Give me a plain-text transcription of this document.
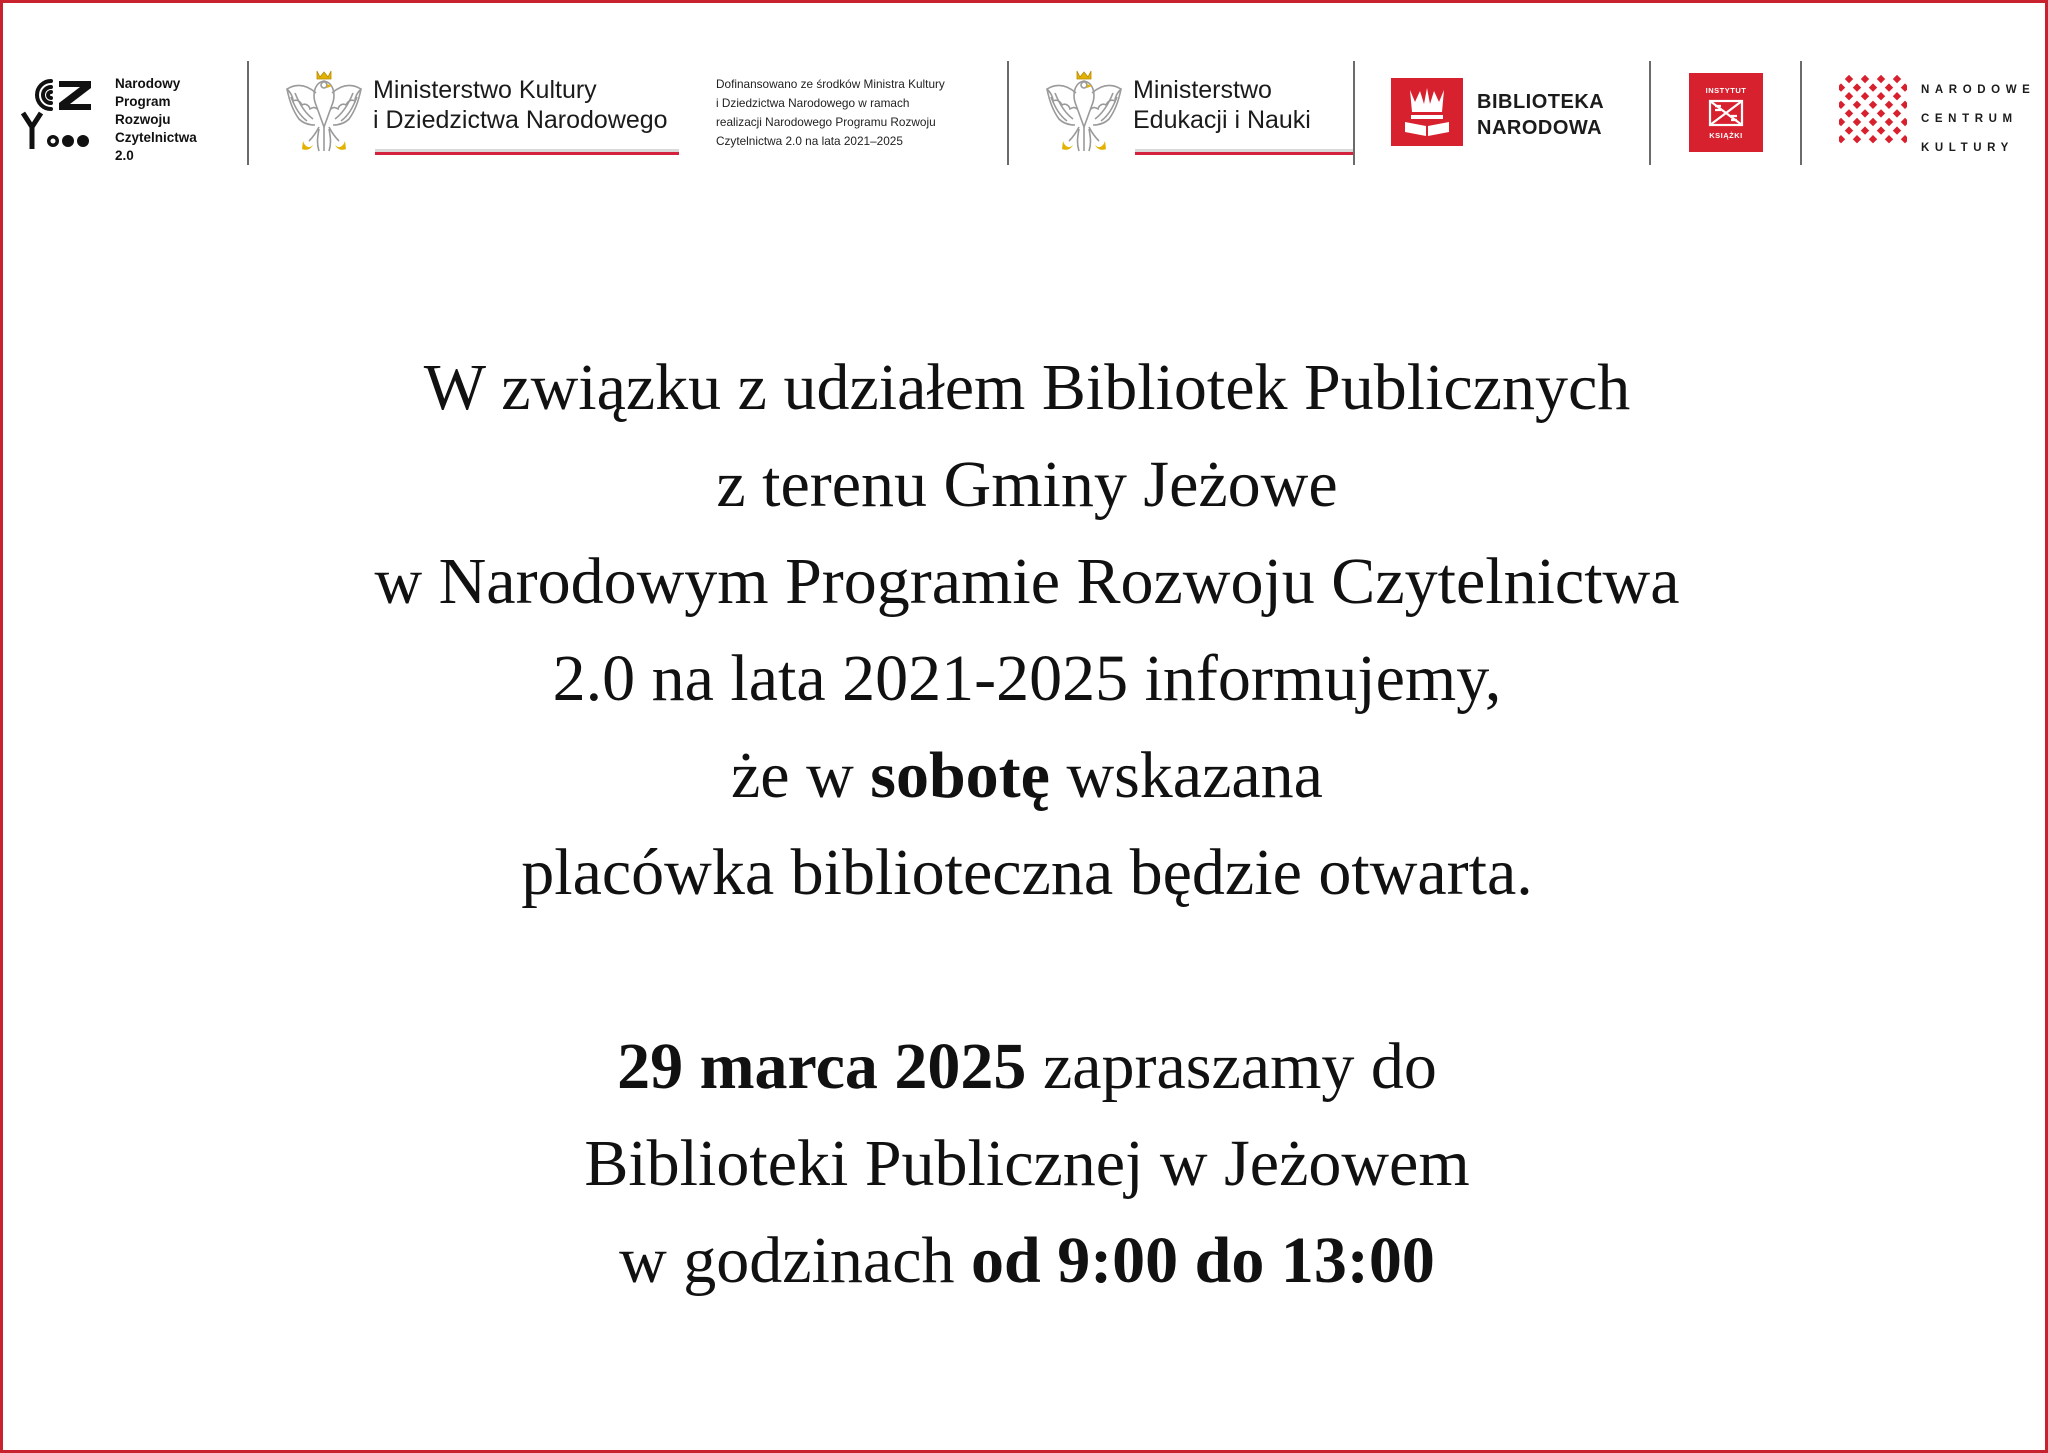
Narodowy
Program
Rozwoju
Czytelnictwa
2.0
Ministerstwo Kultury
i Dziedzictwa Narodowego
Dofinansowano ze środków Ministra Kultury
i Dziedzictwa Narodowego w ramach
realizacji Narodowego Programu Rozwoju
Czytelnictwa 2.0 na lata 2021–2025
Ministerstwo
Edukacji i Nauki
BIBLIOTEKA
NARODOWA
INSTYTUT
KSIĄŻKI
NARODOWE
CENTRUM
KULTURY
W związku z udziałem Bibliotek Publicznych
z terenu Gminy Jeżowe
w Narodowym Programie Rozwoju Czytelnictwa
2.0 na lata 2021-2025 informujemy,
że w sobotę wskazana
placówka biblioteczna będzie otwarta.
29 marca 2025 zapraszamy do
Biblioteki Publicznej w Jeżowem
w godzinach od 9:00 do 13:00
